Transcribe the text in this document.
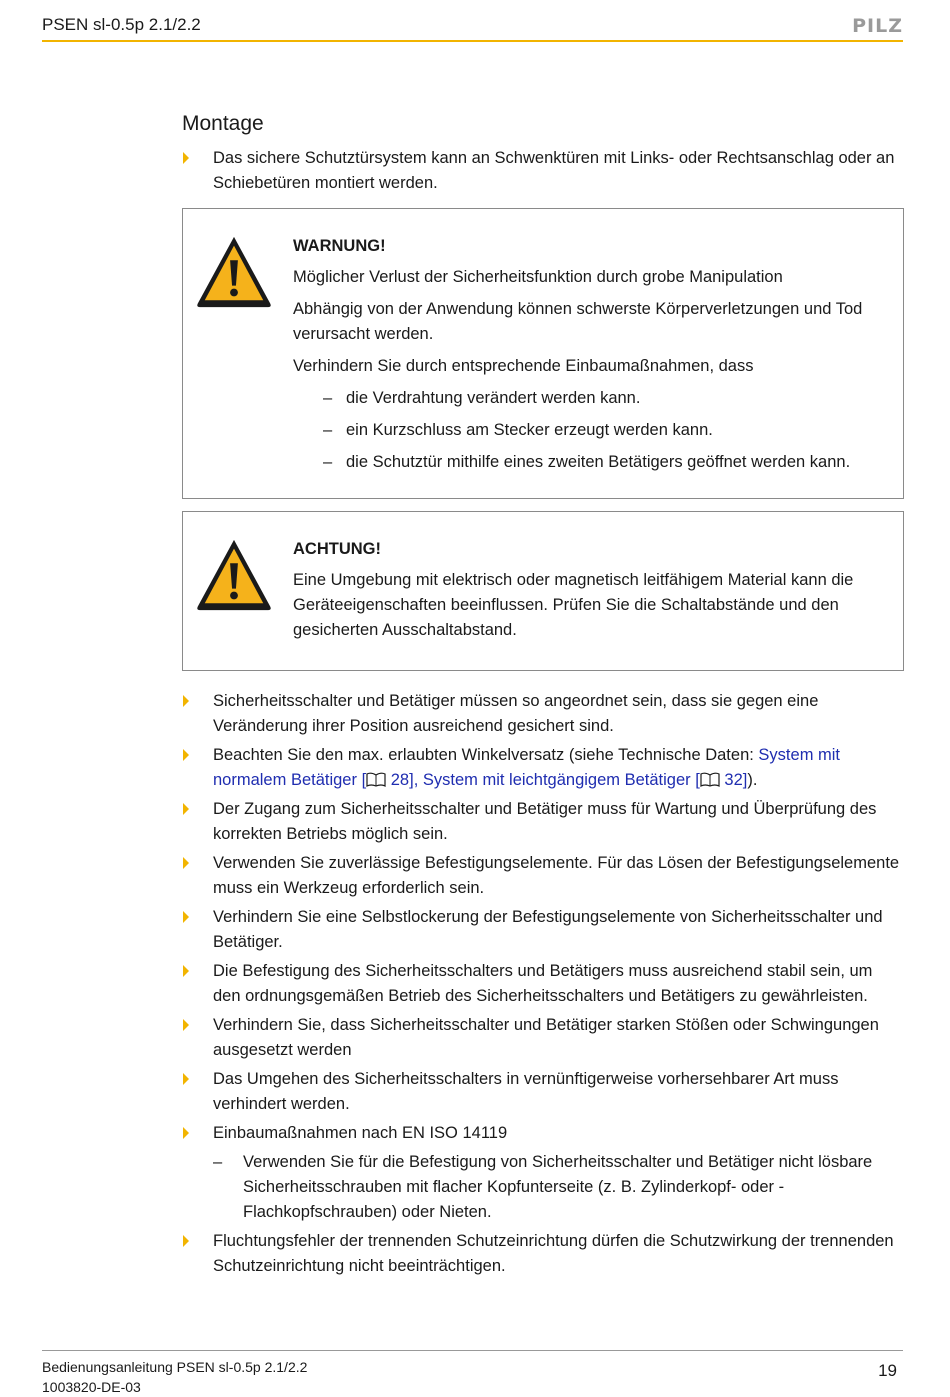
PSEN sl-0.5p 2.1/2.2	PILZ
Montage
Das sichere Schutztürsystem kann an Schwenktüren mit Links- oder Rechtsanschlag oder an Schiebetüren montiert werden.
WARNUNG!
Möglicher Verlust der Sicherheitsfunktion durch grobe Manipulation
Abhängig von der Anwendung können schwerste Körperverletzungen und Tod verursacht werden.
Verhindern Sie durch entsprechende Einbaumaßnahmen, dass
– die Verdrahtung verändert werden kann.
– ein Kurzschluss am Stecker erzeugt werden kann.
– die Schutztür mithilfe eines zweiten Betätigers geöffnet werden kann.
ACHTUNG!
Eine Umgebung mit elektrisch oder magnetisch leitfähigem Material kann die Geräteeigenschaften beeinflussen. Prüfen Sie die Schaltabstände und den gesicherten Ausschaltabstand.
Sicherheitsschalter und Betätiger müssen so angeordnet sein, dass sie gegen eine Veränderung ihrer Position ausreichend gesichert sind.
Beachten Sie den max. erlaubten Winkelversatz (siehe Technische Daten: System mit normalem Betätiger [ 28], System mit leichtgängigem Betätiger [ 32]).
Der Zugang zum Sicherheitsschalter und Betätiger muss für Wartung und Überprüfung des korrekten Betriebs möglich sein.
Verwenden Sie zuverlässige Befestigungselemente. Für das Lösen der Befestigungselemente muss ein Werkzeug erforderlich sein.
Verhindern Sie eine Selbstlockerung der Befestigungselemente von Sicherheitsschalter und Betätiger.
Die Befestigung des Sicherheitsschalters und Betätigers muss ausreichend stabil sein, um den ordnungsgemäßen Betrieb des Sicherheitsschalters und Betätigers zu gewährleisten.
Verhindern Sie, dass Sicherheitsschalter und Betätiger starken Stößen oder Schwingungen ausgesetzt werden
Das Umgehen des Sicherheitsschalters in vernünftigerweise vorhersehbarer Art muss verhindert werden.
Einbaumaßnahmen nach EN ISO 14119
– Verwenden Sie für die Befestigung von Sicherheitsschalter und Betätiger nicht lösbare Sicherheitsschrauben mit flacher Kopfunterseite (z. B. Zylinderkopf- oder -Flachkopfschrauben) oder Nieten.
Fluchtungsfehler der trennenden Schutzeinrichtung dürfen die Schutzwirkung der trennenden Schutzeinrichtung nicht beeinträchtigen.
Bedienungsanleitung PSEN sl-0.5p 2.1/2.2
1003820-DE-03
19
